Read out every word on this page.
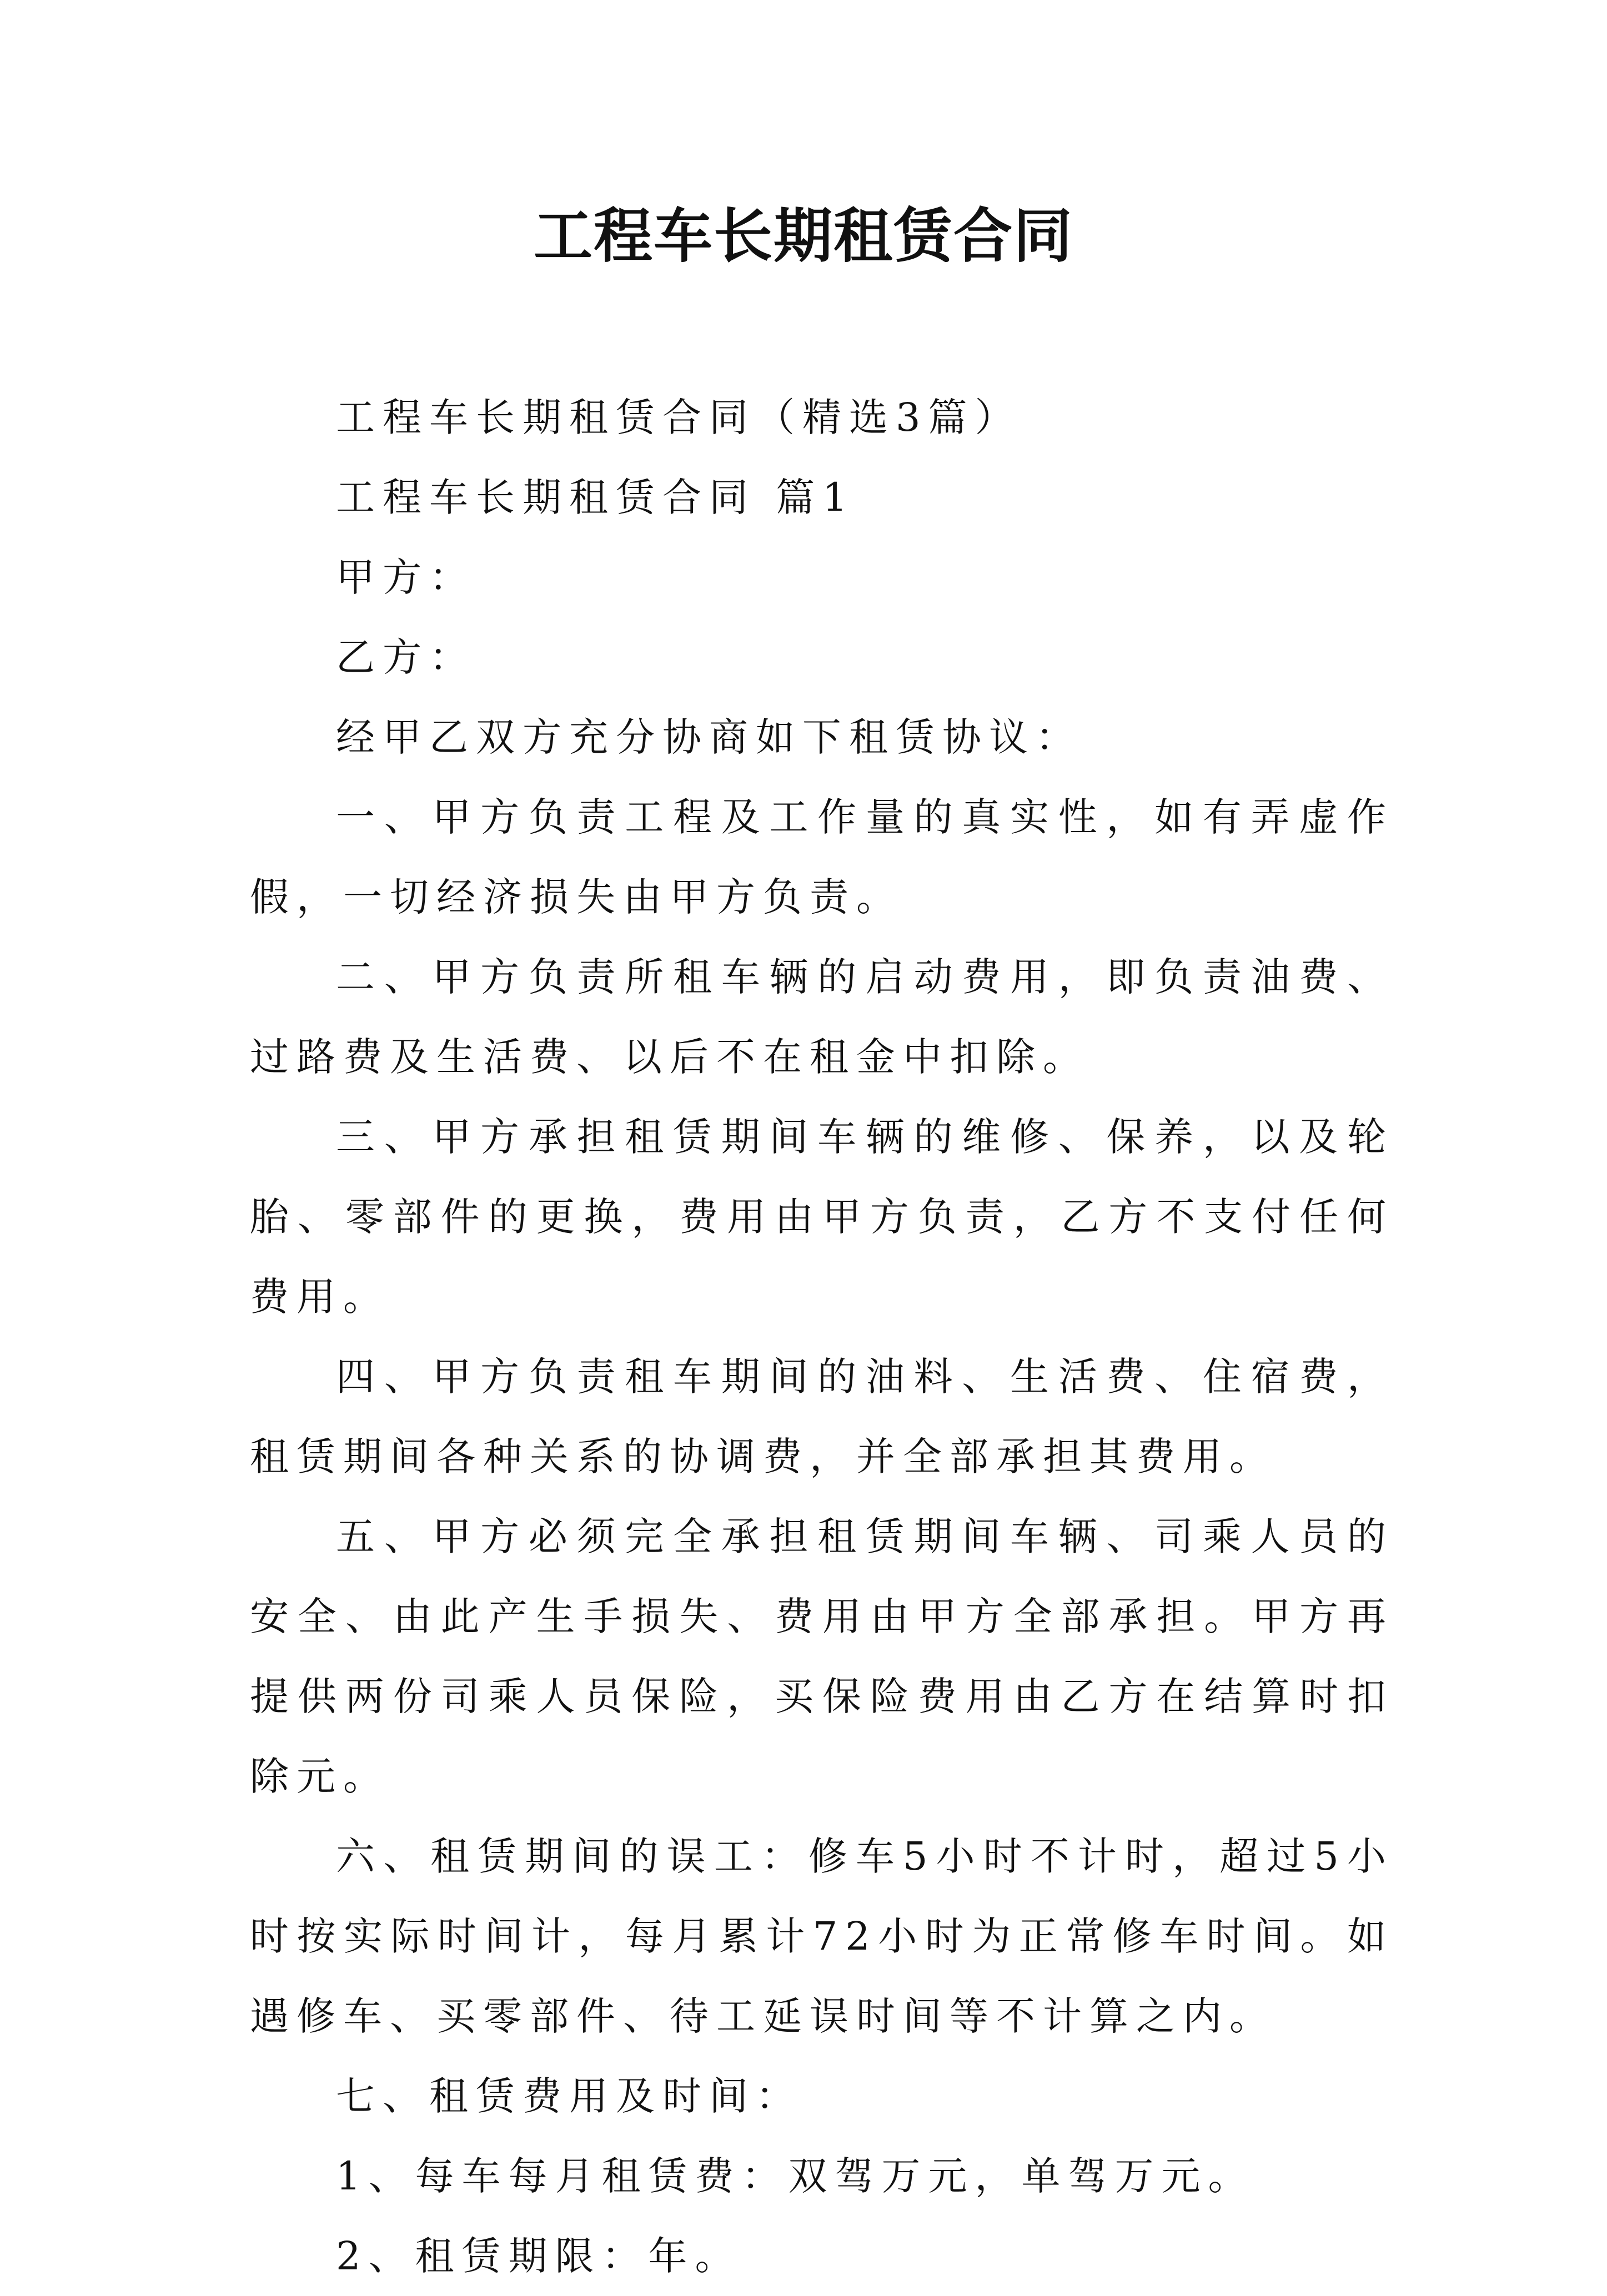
工程车长期租赁合同

工程车长期租赁合同（精选3篇）

工程车长期租赁合同 篇1

甲方：

乙方：

经甲乙双方充分协商如下租赁协议：

一、甲方负责工程及工作量的真实性，如有弄虚作假，一切经济损失由甲方负责。

二、甲方负责所租车辆的启动费用，即负责油费、过路费及生活费、以后不在租金中扣除。

三、甲方承担租赁期间车辆的维修、保养，以及轮胎、零部件的更换，费用由甲方负责，乙方不支付任何费用。

四、甲方负责租车期间的油料、生活费、住宿费，租赁期间各种关系的协调费，并全部承担其费用。

五、甲方必须完全承担租赁期间车辆、司乘人员的安全、由此产生手损失、费用由甲方全部承担。甲方再提供两份司乘人员保险，买保险费用由乙方在结算时扣除元。

六、租赁期间的误工：修车5小时不计时，超过5小时按实际时间计，每月累计72小时为正常修车时间。如遇修车、买零部件、待工延误时间等不计算之内。

七、租赁费用及时间：

1、每车每月租赁费：双驾万元，单驾万元。

2、租赁期限：年。
